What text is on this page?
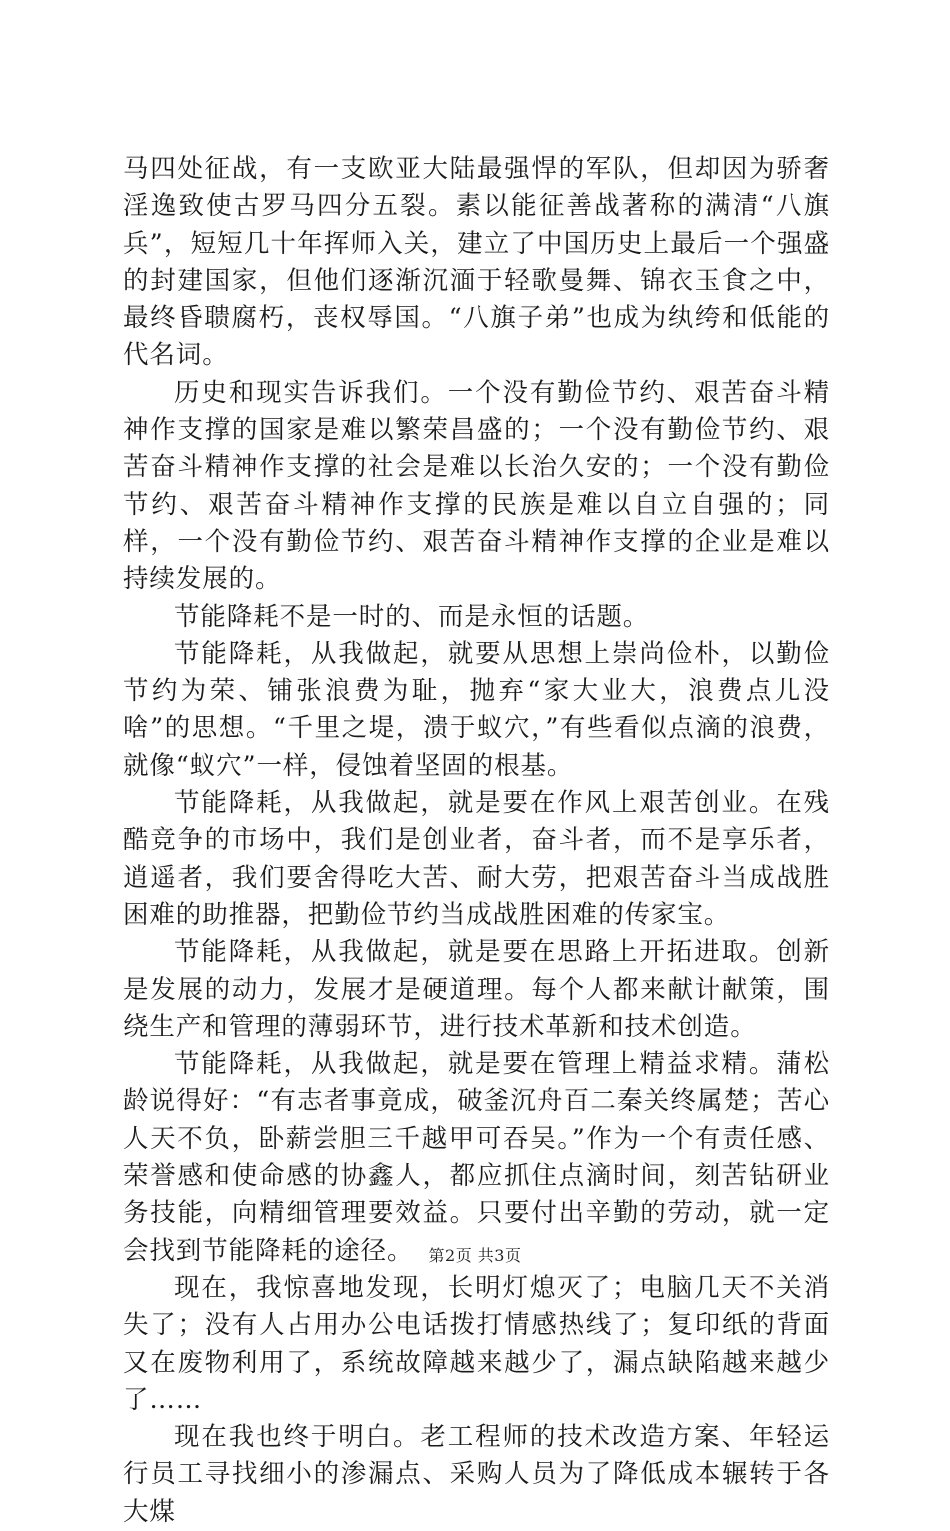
马四处征战，有一支欧亚大陆最强悍的军队，但却因为骄奢淫逸致使古罗马四分五裂。素以能征善战著称的满清“八旗兵”，短短几十年挥师入关，建立了中国历史上最后一个强盛的封建国家，但他们逐渐沉湎于轻歌曼舞、锦衣玉食之中，最终昏聩腐朽，丧权辱国。“八旗子弟”也成为纨绔和低能的代名词。

历史和现实告诉我们。一个没有勤俭节约、艰苦奋斗精神作支撑的国家是难以繁荣昌盛的；一个没有勤俭节约、艰苦奋斗精神作支撑的社会是难以长治久安的；一个没有勤俭节约、艰苦奋斗精神作支撑的民族是难以自立自强的；同样，一个没有勤俭节约、艰苦奋斗精神作支撑的企业是难以持续发展的。

节能降耗不是一时的、而是永恒的话题。

节能降耗，从我做起，就要从思想上崇尚俭朴，以勤俭节约为荣、铺张浪费为耻，抛弃“家大业大，浪费点儿没啥”的思想。“千里之堤，溃于蚁穴，”有些看似点滴的浪费，就像“蚁穴”一样，侵蚀着坚固的根基。

节能降耗，从我做起，就是要在作风上艰苦创业。在残酷竞争的市场中，我们是创业者，奋斗者，而不是享乐者，逍遥者，我们要舍得吃大苦、耐大劳，把艰苦奋斗当成战胜困难的助推器，把勤俭节约当成战胜困难的传家宝。

节能降耗，从我做起，就是要在思路上开拓进取。创新是发展的动力，发展才是硬道理。每个人都来献计献策，围绕生产和管理的薄弱环节，进行技术革新和技术创造。

节能降耗，从我做起，就是要在管理上精益求精。蒲松龄说得好：“有志者事竟成，破釜沉舟百二秦关终属楚；苦心人天不负，卧薪尝胆三千越甲可吞吴。”作为一个有责任感、荣誉感和使命感的协鑫人，都应抓住点滴时间，刻苦钻研业务技能，向精细管理要效益。只要付出辛勤的劳动，就一定会找到节能降耗的途径。

现在，我惊喜地发现，长明灯熄灭了；电脑几天不关消失了；没有人占用办公电话拨打情感热线了；复印纸的背面又在废物利用了，系统故障越来越少了，漏点缺陷越来越少了……

现在我也终于明白。老工程师的技术改造方案、年轻运行员工寻找细小的渗漏点、采购人员为了降低成本辗转于各大煤

第2页 共3页
